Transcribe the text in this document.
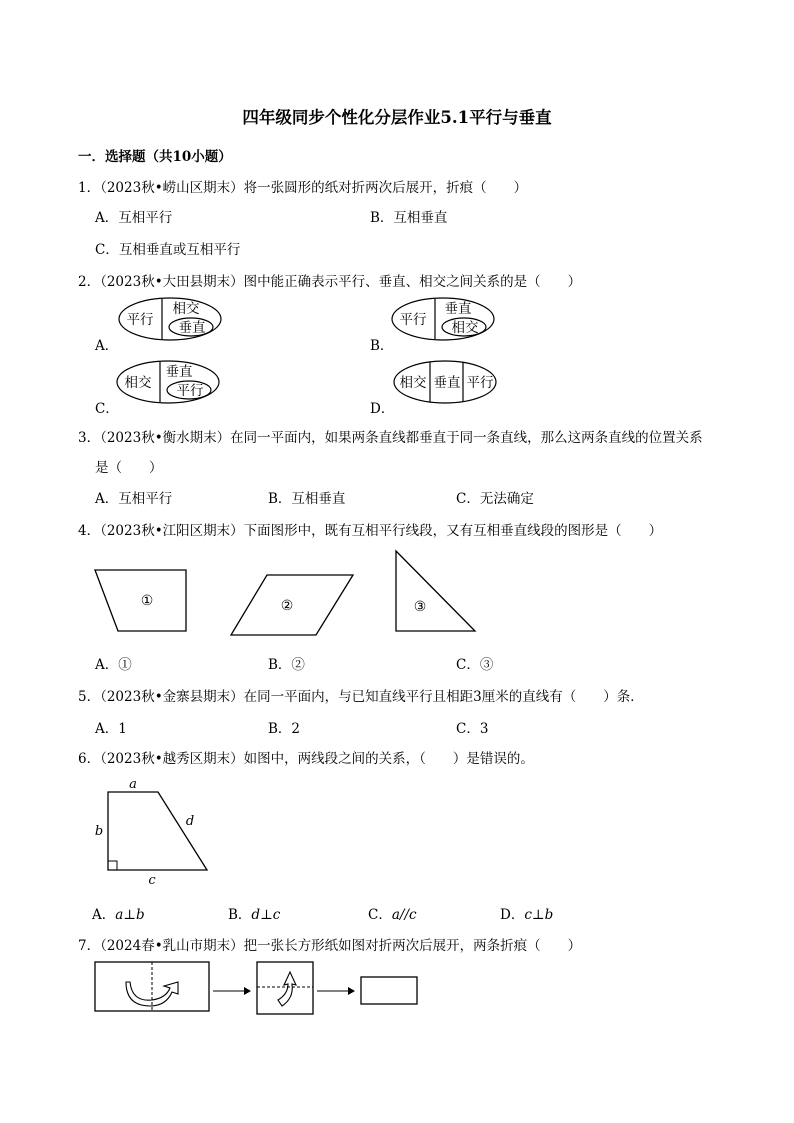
四年级同步个性化分层作业5.1平行与垂直
一．选择题（共10小题）
1．（2023秋•崂山区期末）将一张圆形的纸对折两次后展开，折痕（　　）
A．互相平行	B．互相垂直
C．互相垂直或互相平行
2．（2023秋•大田县期末）图中能正确表示平行、垂直、相交之间关系的是（　　）
A．	B．
C．	D．
平行
相交
垂直	平行
垂直
相交
相交
垂直
平行	相交 垂直 平行
3．（2023秋•衡水期末）在同一平面内，如果两条直线都垂直于同一条直线，那么这两条直线的位置关系
是（　　）
A．互相平行	B．互相垂直	C．无法确定
4．（2023秋•江阳区期末）下面图形中，既有互相平行线段，又有互相垂直线段的图形是（　　）
①	②	③
A．①	B．②	C．③
5．（2023秋•金寨县期末）在同一平面内，与已知直线平行且相距3厘米的直线有（　　）条．
A．1	B．2	C．3
6．（2023秋•越秀区期末）如图中，两线段之间的关系，（　　）是错误的。
a
b
c
d
A．a⊥b	B．d⊥c	C．a//c	D．c⊥b
7．（2024春•乳山市期末）把一张长方形纸如图对折两次后展开，两条折痕（　　）
